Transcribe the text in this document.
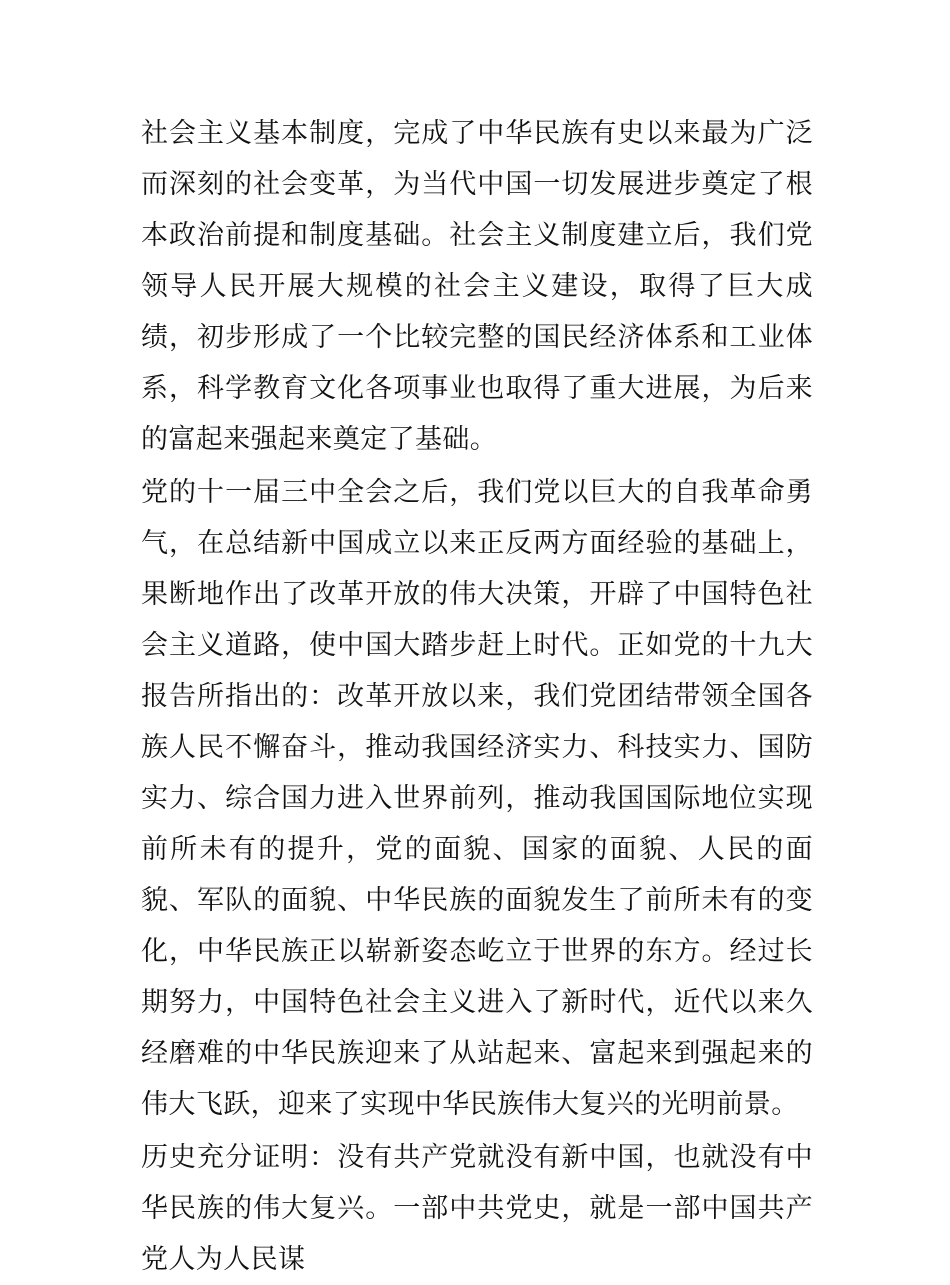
社会主义基本制度，完成了中华民族有史以来最为广泛而深刻的社会变革，为当代中国一切发展进步奠定了根本政治前提和制度基础。社会主义制度建立后，我们党领导人民开展大规模的社会主义建设，取得了巨大成绩，初步形成了一个比较完整的国民经济体系和工业体系，科学教育文化各项事业也取得了重大进展，为后来的富起来强起来奠定了基础。

党的十一届三中全会之后，我们党以巨大的自我革命勇气，在总结新中国成立以来正反两方面经验的基础上，果断地作出了改革开放的伟大决策，开辟了中国特色社会主义道路，使中国大踏步赶上时代。正如党的十九大报告所指出的：改革开放以来，我们党团结带领全国各族人民不懈奋斗，推动我国经济实力、科技实力、国防实力、综合国力进入世界前列，推动我国国际地位实现前所未有的提升，党的面貌、国家的面貌、人民的面貌、军队的面貌、中华民族的面貌发生了前所未有的变化，中华民族正以崭新姿态屹立于世界的东方。经过长期努力，中国特色社会主义进入了新时代，近代以来久经磨难的中华民族迎来了从站起来、富起来到强起来的伟大飞跃，迎来了实现中华民族伟大复兴的光明前景。

历史充分证明：没有共产党就没有新中国，也就没有中华民族的伟大复兴。一部中共党史，就是一部中国共产党人为人民谋
